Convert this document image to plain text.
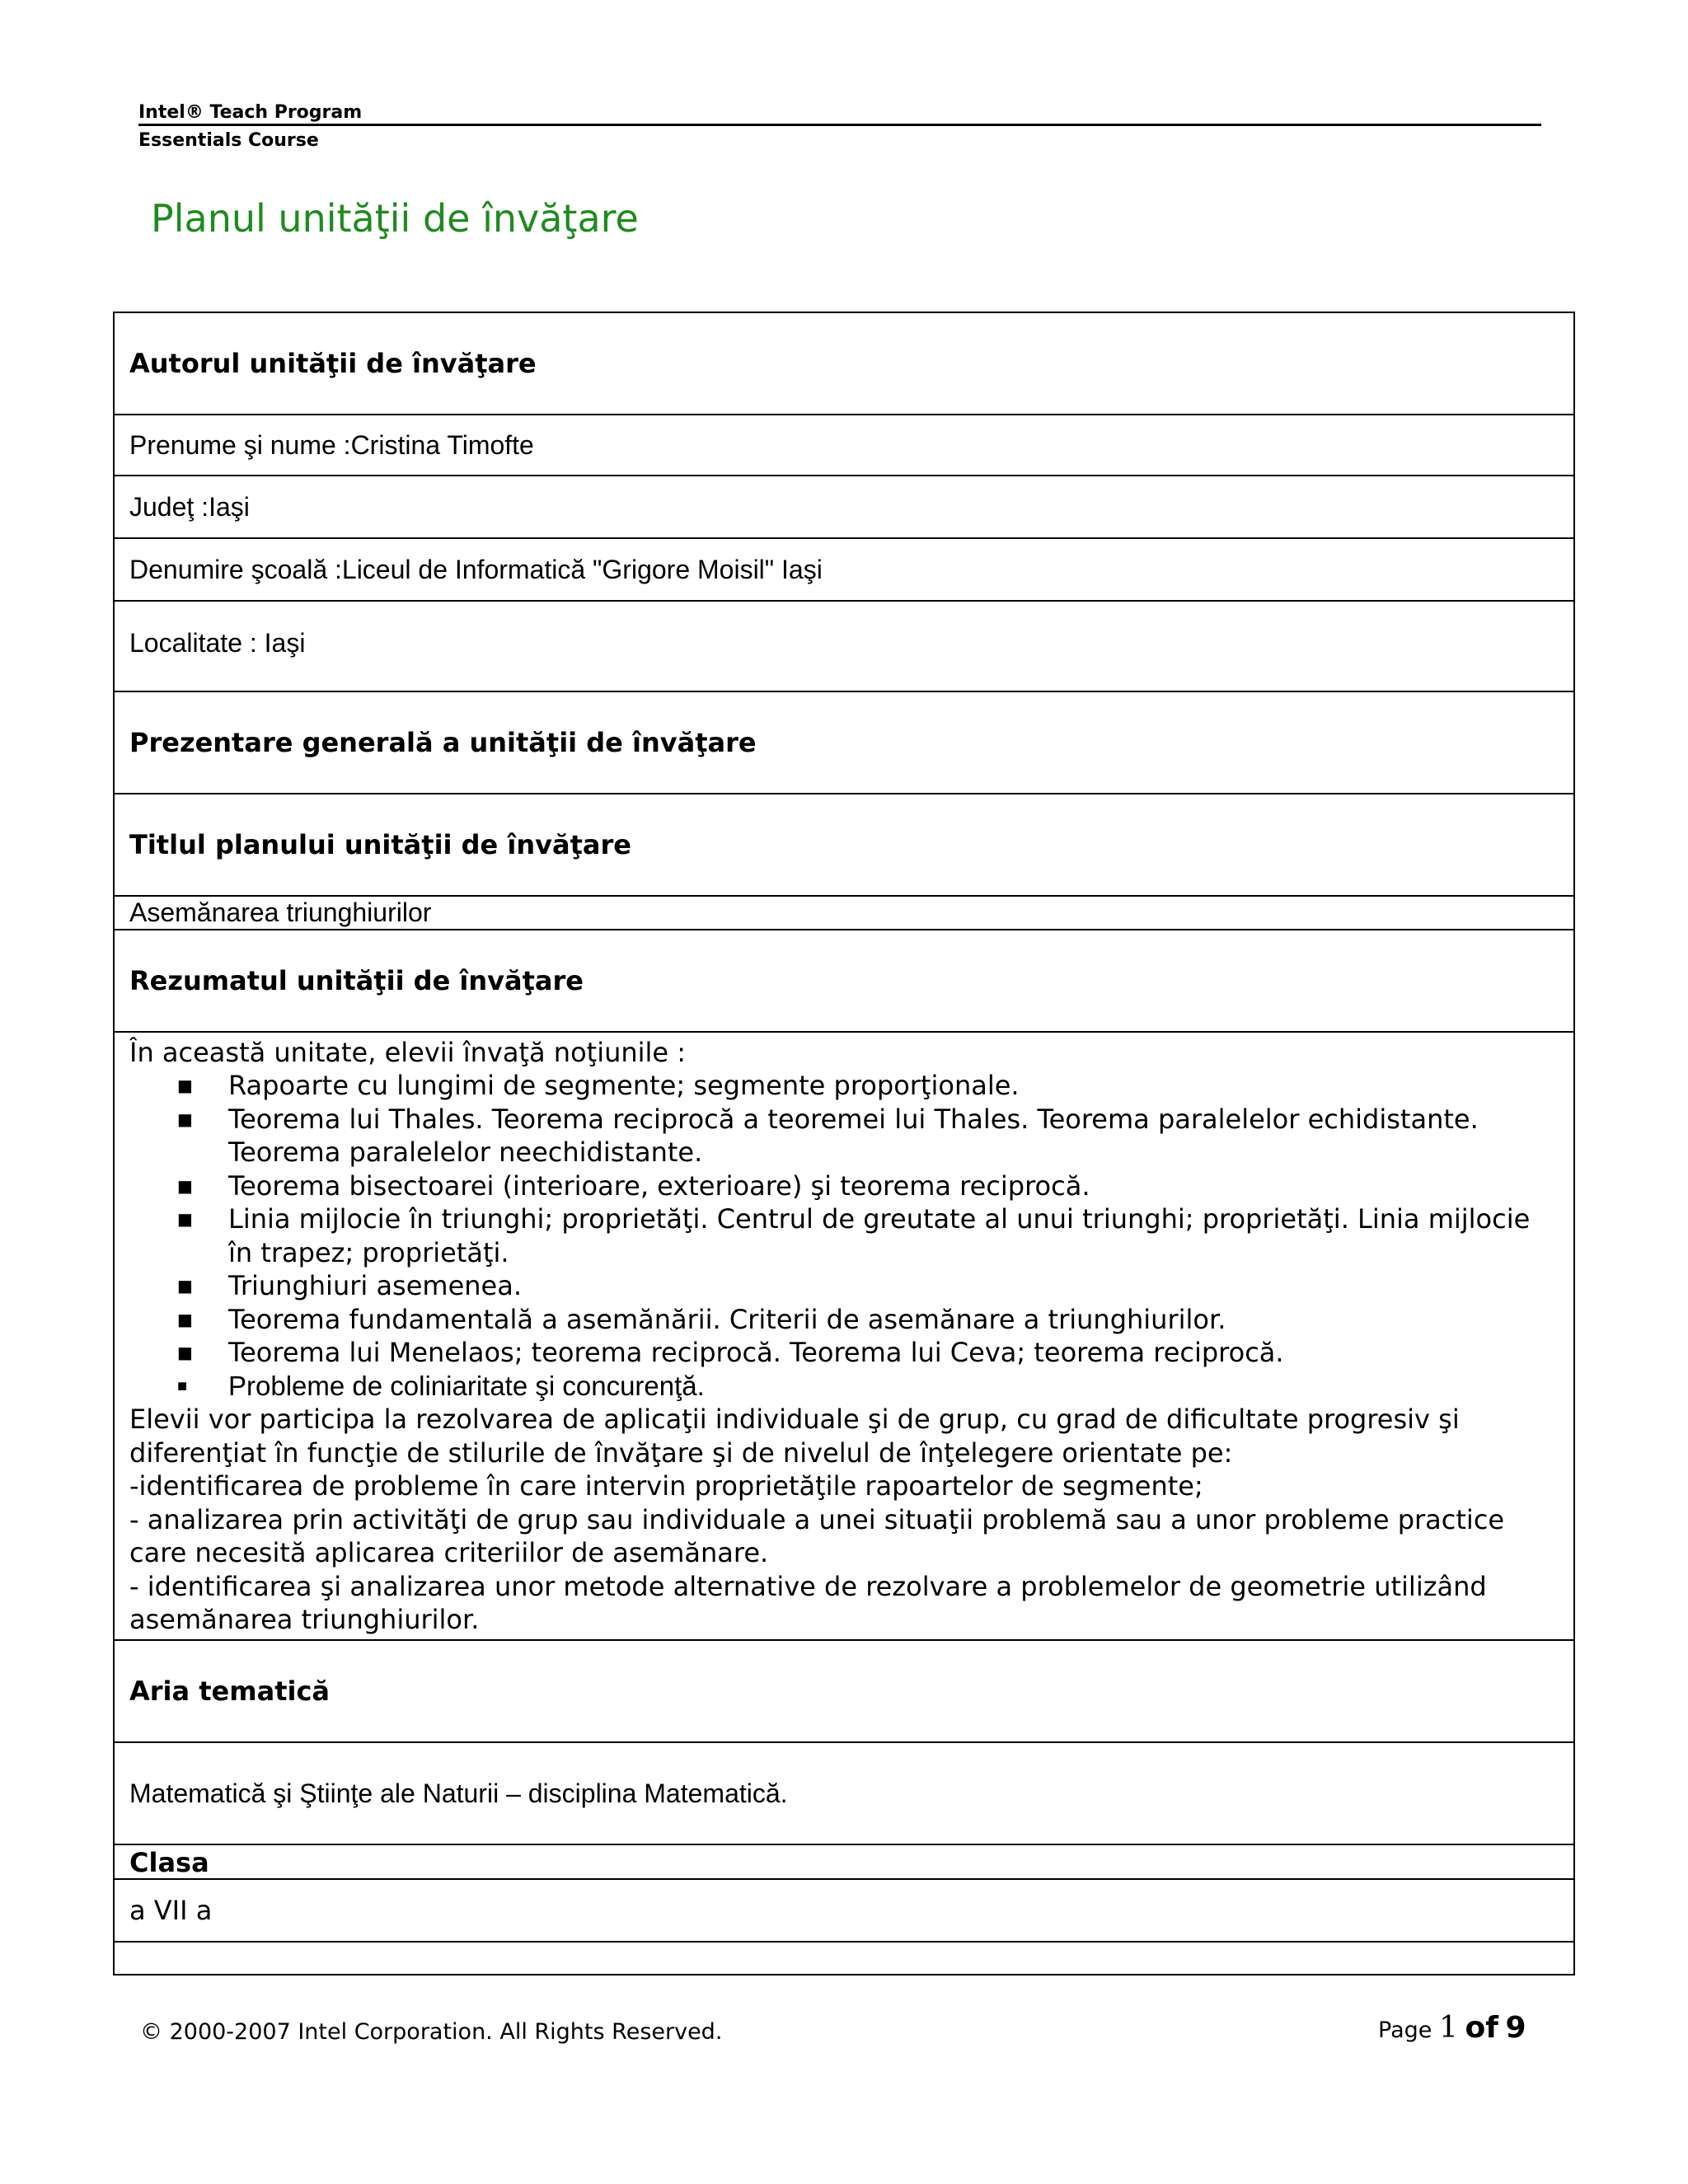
Intel® Teach Program
Essentials Course
Planul unităţii de învăţare
Autorul unităţii de învăţare
Prenume şi nume :Cristina Timofte
Judeţ :Iaşi
Denumire şcoală :Liceul de Informatică "Grigore Moisil" Iaşi
Localitate : Iaşi
Prezentare generală a unităţii de învăţare
Titlul planului unităţii de învăţare
Asemănarea triunghiurilor
Rezumatul unităţii de învăţare

În această unitate, elevii învaţă noţiunile :

■ Rapoarte cu lungimi de segmente; segmente proporţionale.
■ Teorema lui Thales. Teorema reciprocă a teoremei lui Thales. Teorema paralelelor echidistante. Teorema paralelelor neechidistante.
■ Teorema bisectoarei (interioare, exterioare) şi teorema reciprocă.
■ Linia mijlocie în triunghi; proprietăţi. Centrul de greutate al unui triunghi; proprietăţi. Linia mijlocie în trapez; proprietăţi.
■ Triunghiuri asemenea.
■ Teorema fundamentală a asemănării. Criterii de asemănare a triunghiurilor.
■ Teorema lui Menelaos; teorema reciprocă. Teorema lui Ceva; teorema reciprocă.
■ Probleme de coliniaritate şi concurenţă.

Elevii vor participa la rezolvarea de aplicaţii individuale şi de grup, cu grad de dificultate progresiv şi diferenţiat în funcţie de stilurile de învăţare şi de nivelul de înţelegere orientate pe:

-identificarea de probleme în care intervin proprietăţile rapoartelor de segmente;

- analizarea prin activităţi de grup sau individuale a unei situaţii problemă sau a unor probleme practice care necesită aplicarea criteriilor de asemănare.

- identificarea şi analizarea unor metode alternative de rezolvare a problemelor de geometrie utilizând asemănarea triunghiurilor.

Aria tematică
Matematică şi Ştiinţe ale Naturii – disciplina Matematică.
Clasa
a VII a

© 2000-2007 Intel Corporation. All Rights Reserved.	Page 1 of 9
